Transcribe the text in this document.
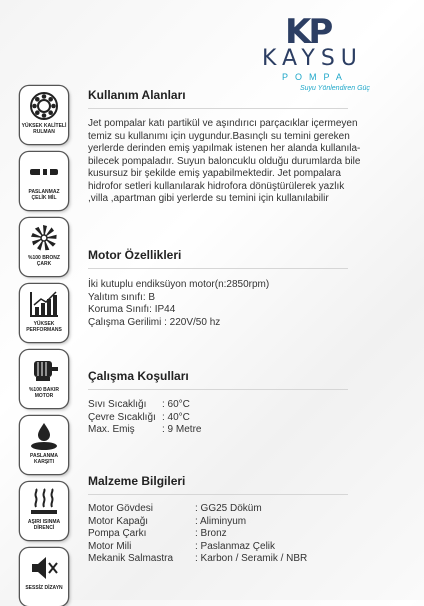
KP
KAYSU
POMPA
Suyu Yönlendiren Güç
YÜKSEK KALİTELİ RULMAN
PASLANMAZ ÇELİK MİL
%100 BRONZ ÇARK
YÜKSEK PERFORMANS
%100 BAKIR MOTOR
PASLANMA KARŞITI
AŞIRI ISINMA DİRENCİ
SESSİZ DİZAYN
Kullanım Alanları
Jet pompalar katı partikül ve aşındırıcı parçacıklar içermeyen
temiz su kullanımı için uygundur.Basınçlı su temini gereken
yerlerde derinden emiş yapılmak istenen her alanda kullanıla-
bilecek pompaladır. Suyun baloncuklu olduğu durumlarda bile
kusursuz bir şekilde emiş yapabilmektedir. Jet pompalara
hidrofor setleri kullanılarak hidrofora dönüştürülerek yazlık
,villa ,apartman gibi yerlerde su temini için kullanılabilir
Motor Özellikleri
İki kutuplu endiksüyon motor(n:2850rpm)
Yalıtım sınıfı: B
Koruma Sınıfı: IP44
Çalışma Gerilimi : 220V/50 hz
Çalışma Koşulları
Sıvı Sıcaklığı	: 60°C
Çevre Sıcaklığı : 40°C
Max. Emiş	: 9 Metre
Malzeme Bilgileri
Motor Gövdesi	: GG25 Döküm
Motor Kapağı	: Aliminyum
Pompa Çarkı	: Bronz
Motor Mili	: Paslanmaz Çelik
Mekanik Salmastra	: Karbon / Seramik / NBR
